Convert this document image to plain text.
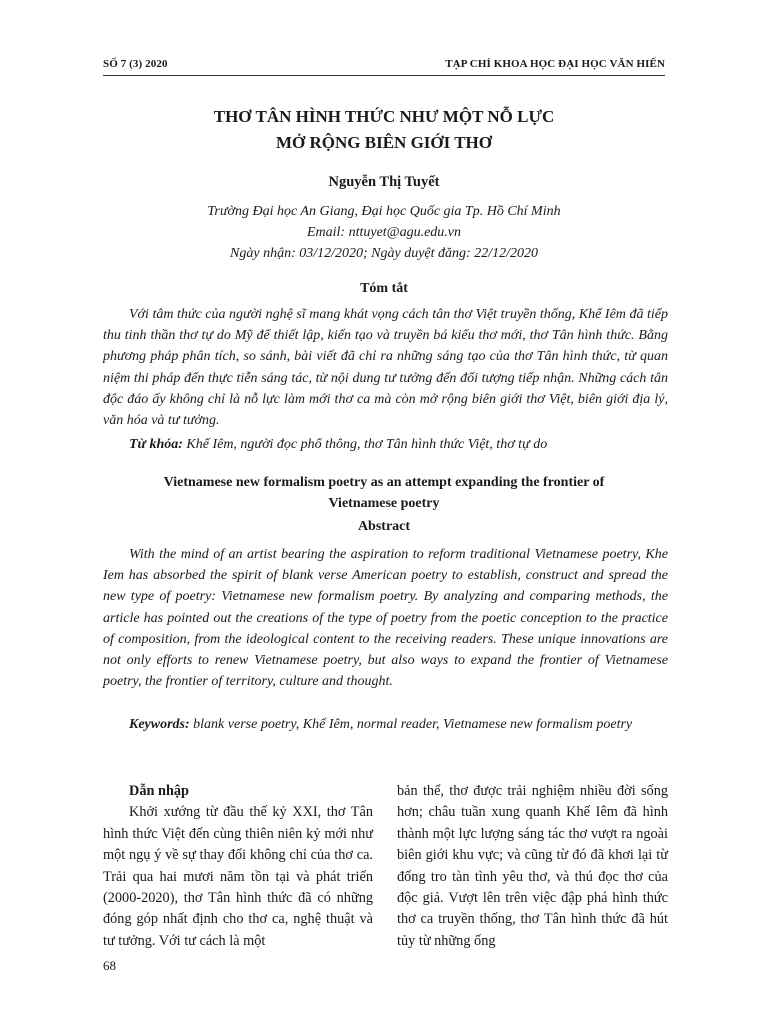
SỐ 7 (3) 2020	TẠP CHÍ KHOA HỌC ĐẠI HỌC VĂN HIẾN
THƠ TÂN HÌNH THỨC NHƯ MỘT NỖ LỰC
MỞ RỘNG BIÊN GIỚI THƠ
Nguyễn Thị Tuyết
Trường Đại học An Giang, Đại học Quốc gia Tp. Hồ Chí Minh
Email: nttuyet@agu.edu.vn
Ngày nhận: 03/12/2020; Ngày duyệt đăng: 22/12/2020
Tóm tắt

Với tâm thức của người nghệ sĩ mang khát vọng cách tân thơ Việt truyền thống, Khế Iêm đã tiếp thu tinh thần thơ tự do Mỹ để thiết lập, kiến tạo và truyền bá kiểu thơ mới, thơ Tân hình thức. Bằng phương pháp phân tích, so sánh, bài viết đã chỉ ra những sáng tạo của thơ Tân hình thức, từ quan niệm thi pháp đến thực tiễn sáng tác, từ nội dung tư tưởng đến đối tượng tiếp nhận. Những cách tân độc đáo ấy không chỉ là nỗ lực làm mới thơ ca mà còn mở rộng biên giới thơ Việt, biên giới địa lý, văn hóa và tư tưởng.

Từ khóa: Khế Iêm, người đọc phổ thông, thơ Tân hình thức Việt, thơ tự do

Vietnamese new formalism poetry as an attempt expanding the frontier of
Vietnamese poetry
Abstract

With the mind of an artist bearing the aspiration to reform traditional Vietnamese poetry, Khe Iem has absorbed the spirit of blank verse American poetry to establish, construct and spread the new type of poetry: Vietnamese new formalism poetry. By analyzing and comparing methods, the article has pointed out the creations of the type of poetry from the poetic conception to the practice of composition, from the ideological content to the receiving readers. These unique innovations are not only efforts to renew Vietnamese poetry, but also ways to expand the frontier of Vietnamese poetry, the frontier of territory, culture and thought.

Keywords: blank verse poetry, Khế Iêm, normal reader, Vietnamese new formalism poetry

Dẫn nhập
Khởi xướng từ đầu thế kỷ XXI, thơ Tân hình thức Việt đến cùng thiên niên kỷ mới như một ngụ ý về sự thay đổi không chỉ của thơ ca. Trải qua hai mươi năm tồn tại và phát triển (2000-2020), thơ Tân hình thức đã có những đóng góp nhất định cho thơ ca, nghệ thuật và tư tưởng. Với tư cách là một
bản thể, thơ được trải nghiệm nhiều đời sống hơn; châu tuần xung quanh Khế Iêm đã hình thành một lực lượng sáng tác thơ vượt ra ngoài biên giới khu vực; và cũng từ đó đã khơi lại từ đống tro tàn tình yêu thơ, và thú đọc thơ của độc giả. Vượt lên trên việc đập phá hình thức thơ ca truyền thống, thơ Tân hình thức đã hút tủy từ những ống
68
